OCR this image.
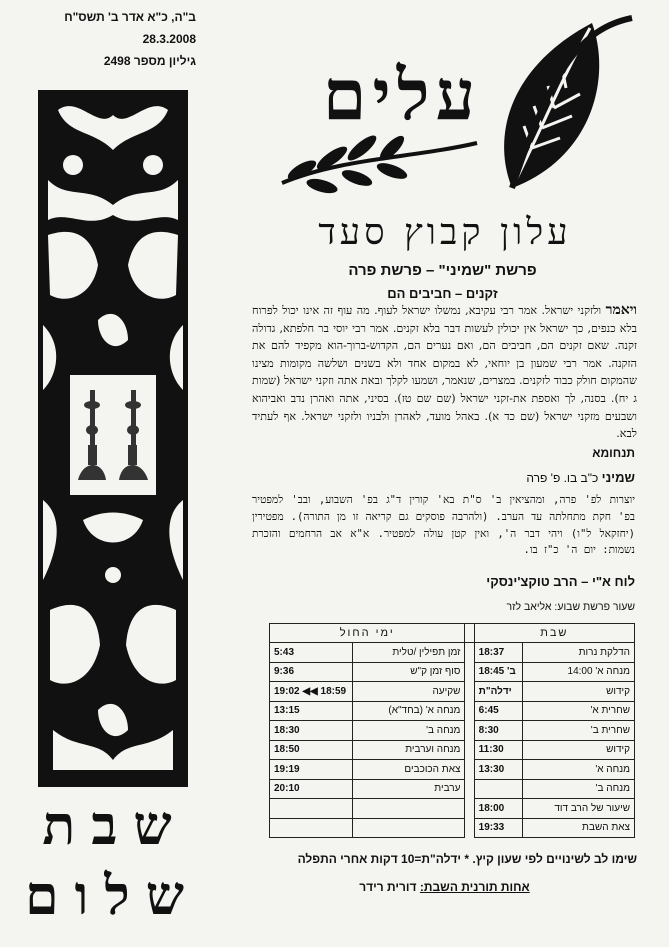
ב"ה, כ"א אדר ב' תשס"ח
28.3.2008
גיליון מספר 2498
שבת
שלום
עלים
עלון קבוץ סעד
פרשת "שמיני" – פרשת פרה
זקנים – חביבים הם
ויאמר ולזקני ישראל. אמר רבי עקיבא, נמשלו ישראל לעוף. מה עוף זה אינו יכול לפרוח בלא כנפים, כך ישראל אין יכולין לעשות דבר בלא זקנים. אמר רבי יוסי בר חלפתא, גדולה זקנה. שאם זקנים הם, חביבים הם, ואם נערים הם, הקדוש-ברוך-הוא מקפיד להם את הזקנה. אמר רבי שמעון בן יוחאי, לא במקום אחד ולא בשנים ושלשה מקומות מצינו שהמקום חולק כבוד לזקנים. במצרים, שנאמר, ושמעו לקלך ובאת אתה וזקני ישראל (שמות ג יח). בסנה, לך ואספת את-זקני ישראל (שם שם טז). בסיני, אתה ואהרן נדב ואביהוא ושבעים מזקני ישראל (שם כד א). באהל מועד, לאהרן ולבניו ולזקני ישראל. אף לעתיד לבא.
תנחומא
שמיני כ"ב בו. פ' פרה
יוצרות לפ' פרה, ומהציאין ב' ס"ת בא' קורין ד"ג בפ' השבוע, ובב' למפטיר בפ' חקת מתחלתה עד הערב. (ולהרבה פוסקים גם קריאה זו מן התורה). מפטירין (יחזקאל ל"ו) ויהי דבר ה', ואין קטן עולה למפטיר. א"א אב הרחמים והזכרת נשמות: יום ה' כ"ז בו.
לוח א"י – הרב טוקצ'ינסקי
שעור פרשת שבוע: אליאב לזר
שבת			ימי החול	
הדלקת נרות	18:37		זמן תפילין /טלית	5:43
מנחה א' 14:00	ב' 18:45		סוף זמן ק"ש	9:36
קידוש	ידלה"ת		שקיעה	18:59 ◀◀ 19:02
שחרית א'	6:45		מנחה א' (בחד"א)	13:15
שחרית ב'	8:30		מנחה ב'	18:30
קידוש	11:30		מנחה וערבית	18:50
מנחה א'	13:30		צאת הכוכבים	19:19
מנחה ב'			ערבית	20:10
שיעור של הרב דוד	18:00			
צאת השבת	19:33			
שימו לב לשינויים לפי שעון קיץ. * ידלה"ת=10 דקות אחרי התפלה
אחות תורנית השבת: דורית רידר
